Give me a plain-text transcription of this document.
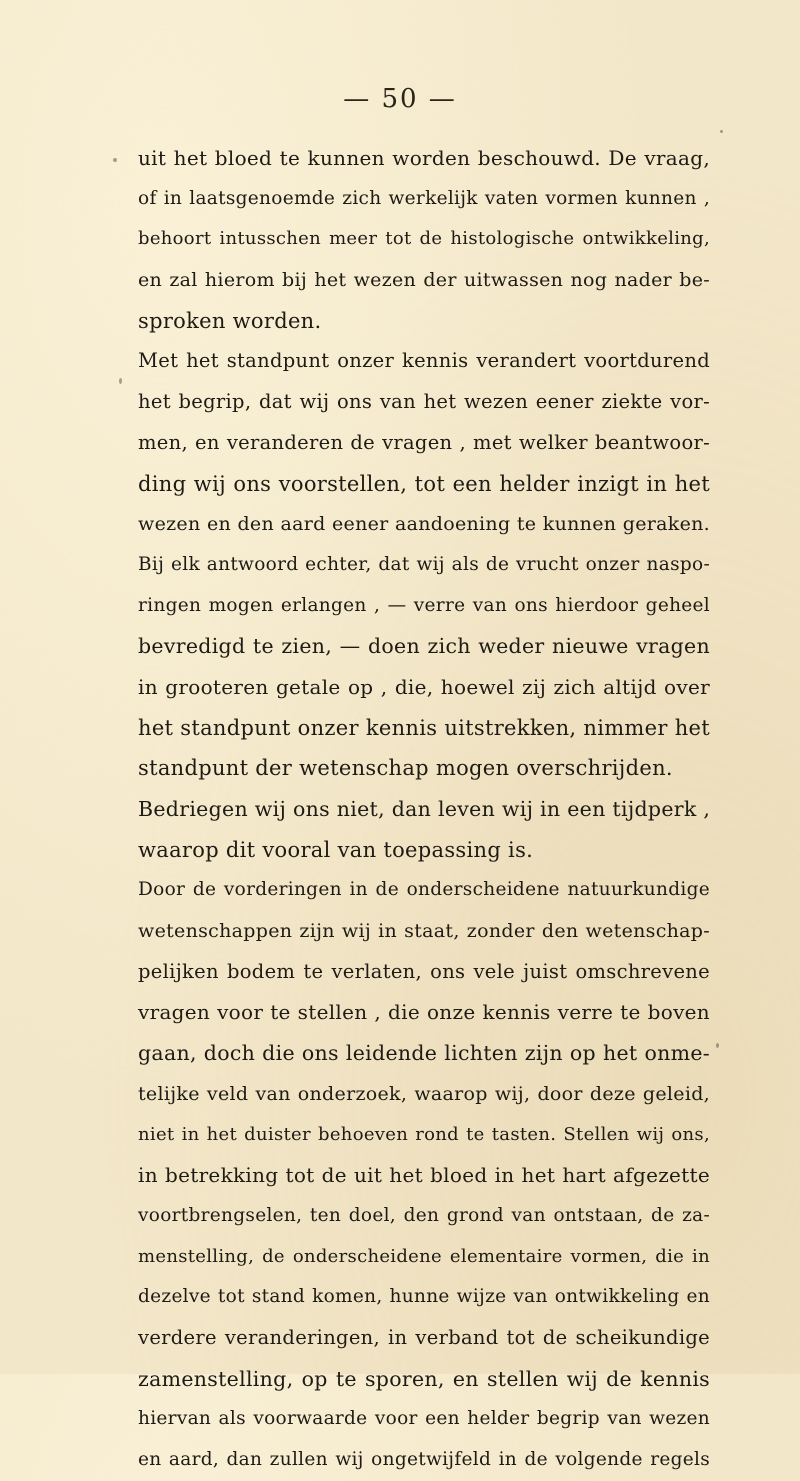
— 50 —
uit het bloed te kunnen worden beschouwd. De vraag,
of in laatsgenoemde zich werkelijk vaten vormen kunnen ,
behoort intusschen meer tot de histologische ontwikkeling,
en zal hierom bij het wezen der uitwassen nog nader be-
sproken worden.
Met het standpunt onzer kennis verandert voortdurend
het begrip, dat wij ons van het wezen eener ziekte vor-
men, en veranderen de vragen , met welker beantwoor-
ding wij ons voorstellen, tot een helder inzigt in het
wezen en den aard eener aandoening te kunnen geraken.
Bij elk antwoord echter, dat wij als de vrucht onzer naspo-
ringen mogen erlangen , — verre van ons hierdoor geheel
bevredigd te zien, — doen zich weder nieuwe vragen
in grooteren getale op , die, hoewel zij zich altijd over
het standpunt onzer kennis uitstrekken, nimmer het
standpunt der wetenschap mogen overschrijden.
Bedriegen wij ons niet, dan leven wij in een tijdperk ,
waarop dit vooral van toepassing is.
Door de vorderingen in de onderscheidene natuurkundige
wetenschappen zijn wij in staat, zonder den wetenschap-
pelijken bodem te verlaten, ons vele juist omschrevene
vragen voor te stellen , die onze kennis verre te boven
gaan, doch die ons leidende lichten zijn op het onme-
telijke veld van onderzoek, waarop wij, door deze geleid,
niet in het duister behoeven rond te tasten. Stellen wij ons,
in betrekking tot de uit het bloed in het hart afgezette
voortbrengselen, ten doel, den grond van ontstaan, de za-
menstelling, de onderscheidene elementaire vormen, die in
dezelve tot stand komen, hunne wijze van ontwikkeling en
verdere veranderingen, in verband tot de scheikundige
zamenstelling, op te sporen, en stellen wij de kennis
hiervan als voorwaarde voor een helder begrip van wezen
en aard, dan zullen wij ongetwijfeld in de volgende regels
